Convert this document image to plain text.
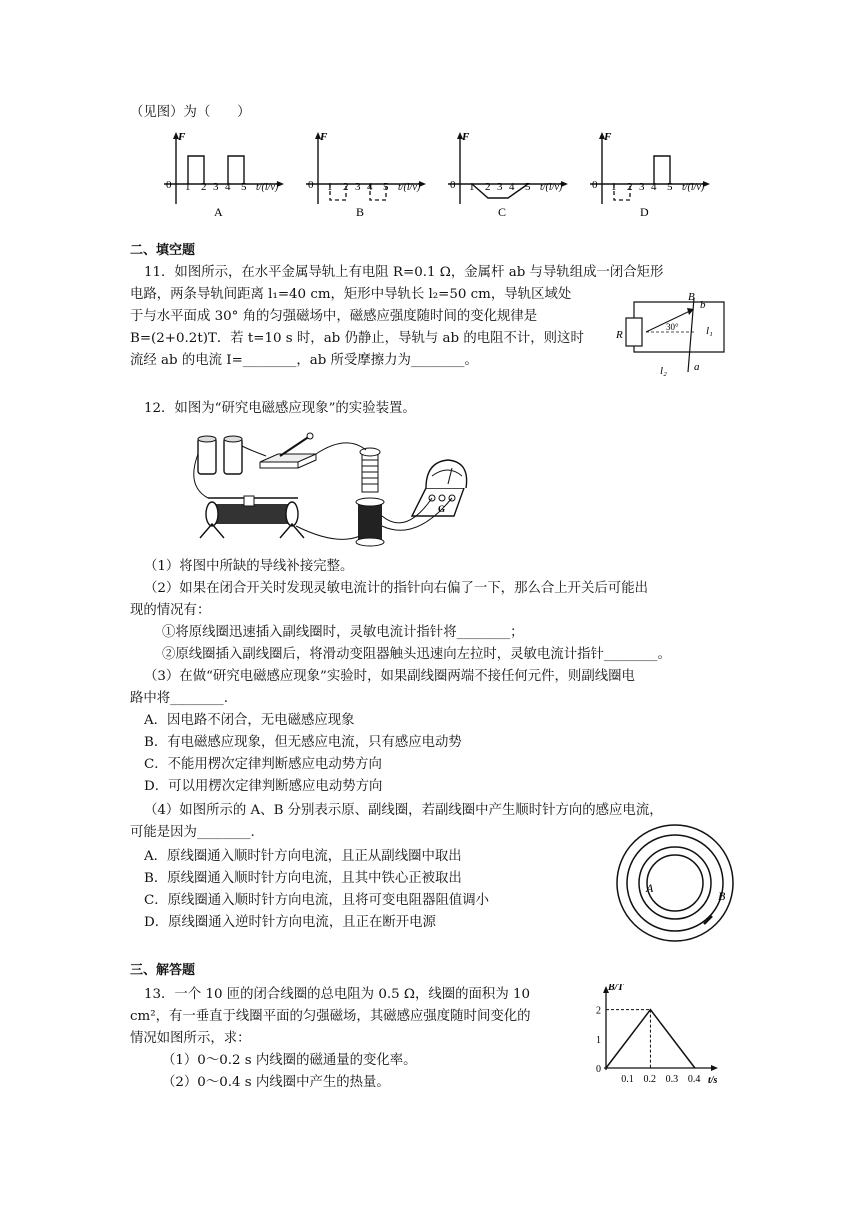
（见图）为（　　）
F
0 1 2 3 4 5 t/(l/v)
A
F
0 1 2 3 4 5 t/(l/v)
B
F
0 1 2 3 4 5 t/(l/v)
C
F
0 1 2 3 4 5 t/(l/v)
D
二、填空题
11．如图所示，在水平金属导轨上有电阻 R=0.1 Ω，金属杆 ab 与导轨组成一闭合矩形
电路，两条导轨间距离 l₁=40 cm，矩形中导轨长 l₂=50 cm，导轨区域处
于与水平面成 30° 角的匀强磁场中，磁感应强度随时间的变化规律是
B=(2+0.2t)T．若 t=10 s 时，ab 仍静止，导轨与 ab 的电阻不计，则这时
流经 ab 的电流 I=________，ab 所受摩擦力为________。
B
b
R
30° l₁
l₂ a
12．如图为“研究电磁感应现象”的实验装置。
G
（1）将图中所缺的导线补接完整。
（2）如果在闭合开关时发现灵敏电流计的指针向右偏了一下，那么合上开关后可能出
现的情况有：
①将原线圈迅速插入副线圈时，灵敏电流计指针将________；
②原线圈插入副线圈后，将滑动变阻器触头迅速向左拉时，灵敏电流计指针________。
（3）在做“研究电磁感应现象”实验时，如果副线圈两端不接任何元件，则副线圈电
路中将________.
A．因电路不闭合，无电磁感应现象
B．有电磁感应现象，但无感应电流，只有感应电动势
C．不能用楞次定律判断感应电动势方向
D．可以用楞次定律判断感应电动势方向
（4）如图所示的 A、B 分别表示原、副线圈，若副线圈中产生顺时针方向的感应电流，
可能是因为________.
A．原线圈通入顺时针方向电流，且正从副线圈中取出
B．原线圈通入顺时针方向电流，且其中铁心正被取出
C．原线圈通入顺时针方向电流，且将可变电阻器阻值调小
D．原线圈通入逆时针方向电流，且正在断开电源
A
B
三、解答题
13．一个 10 匝的闭合线圈的总电阻为 0.5 Ω，线圈的面积为 10
cm²，有一垂直于线圈平面的匀强磁场，其磁感应强度随时间变化的
情况如图所示，求：
（1）0～0.2 s 内线圈的磁通量的变化率。
（2）0～0.4 s 内线圈中产生的热量。
B/T
t/s
0
1
2
0.1 0.2 0.3 0.4
